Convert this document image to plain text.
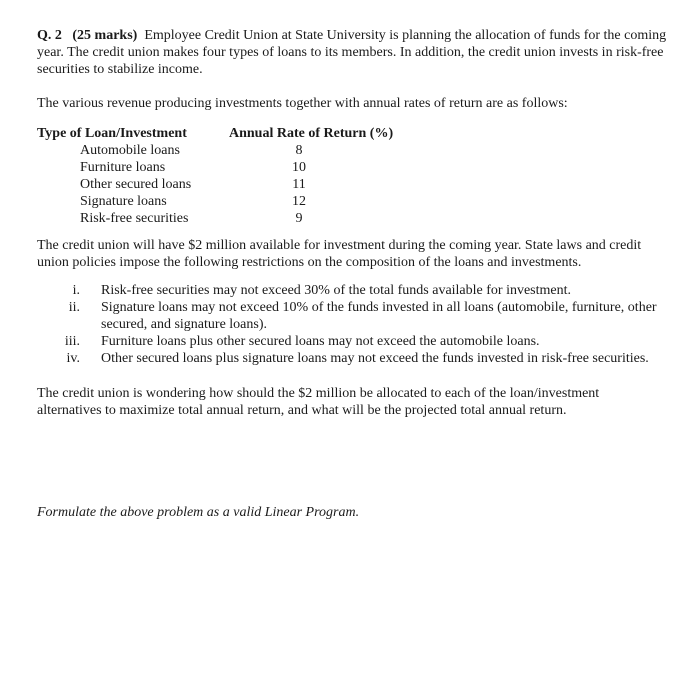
Q. 2 (25 marks) Employee Credit Union at State University is planning the allocation of funds for the coming year. The credit union makes four types of loans to its members. In addition, the credit union invests in risk-free securities to stabilize income.

The various revenue producing investments together with annual rates of return are as follows:

Type of Loan/Investment	Annual Rate of Return (%)
Automobile loans	8
Furniture loans	10
Other secured loans	11
Signature loans	12
Risk-free securities	9

The credit union will have $2 million available for investment during the coming year. State laws and credit union policies impose the following restrictions on the composition of the loans and investments.

i. Risk-free securities may not exceed 30% of the total funds available for investment.

ii. Signature loans may not exceed 10% of the funds invested in all loans (automobile, furniture, other secured, and signature loans).

iii. Furniture loans plus other secured loans may not exceed the automobile loans.

iv. Other secured loans plus signature loans may not exceed the funds invested in risk-free securities.

The credit union is wondering how should the $2 million be allocated to each of the loan/investment alternatives to maximize total annual return, and what will be the projected total annual return.

Formulate the above problem as a valid Linear Program.
